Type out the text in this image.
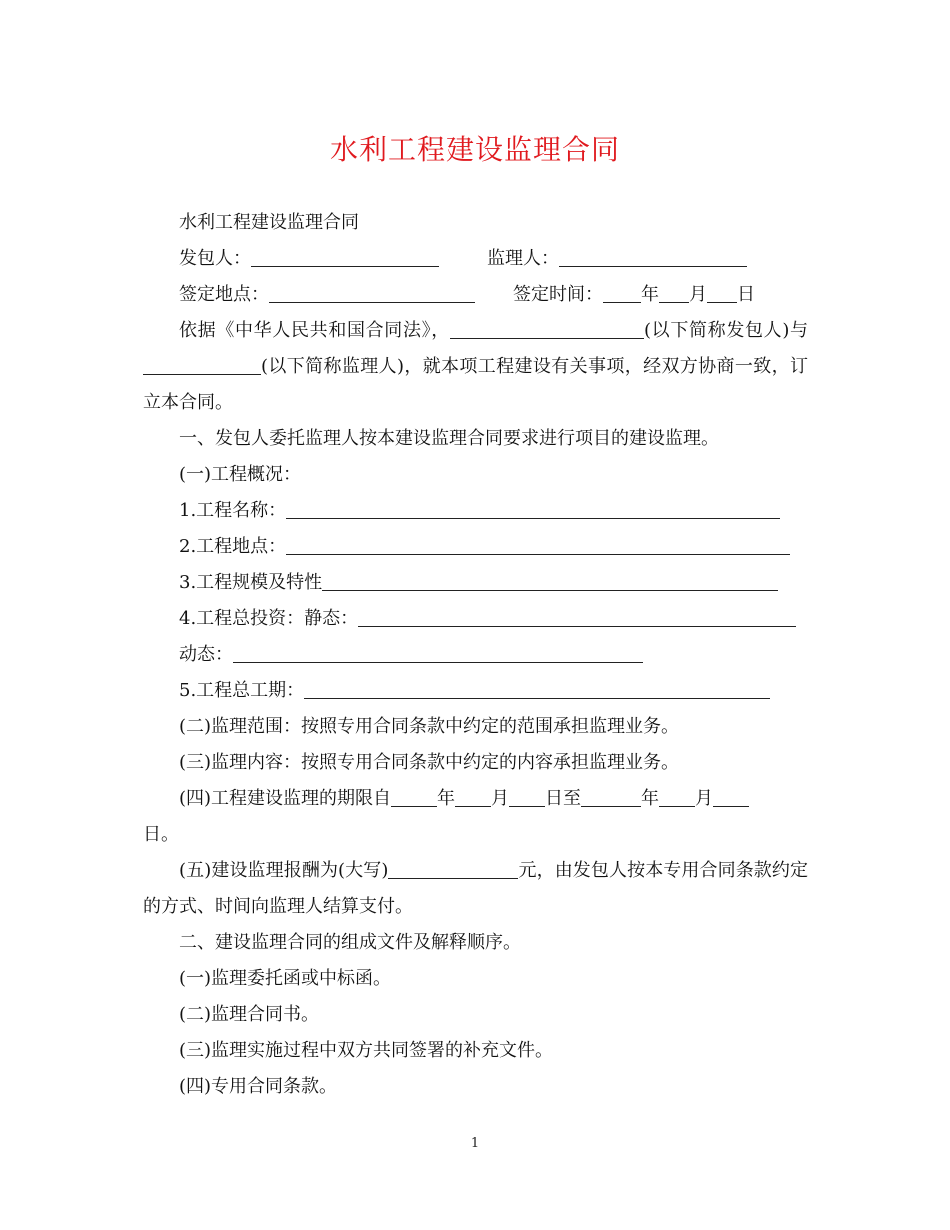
水利工程建设监理合同

水利工程建设监理合同

发包人：	监理人：

签定地点：	签定时间： 年 月 日

依据《中华人民共和国合同法》，	(以下简称发包人)与(以下简称监理人)，就本项工程建设有关事项，经双方协商一致，订立本合同。

一、发包人委托监理人按本建设监理合同要求进行项目的建设监理。

(一)工程概况：

1.工程名称：

2.工程地点：

3.工程规模及特性

4.工程总投资：静态：

动态：

5.工程总工期：

(二)监理范围：按照专用合同条款中约定的范围承担监理业务。

(三)监理内容：按照专用合同条款中约定的内容承担监理业务。

(四)工程建设监理的期限自	年 月 日至	年 月

日。

(五)建设监理报酬为(大写)	元，由发包人按本专用合同条款约定的方式、时间向监理人结算支付。

二、建设监理合同的组成文件及解释顺序。

(一)监理委托函或中标函。

(二)监理合同书。

(三)监理实施过程中双方共同签署的补充文件。

(四)专用合同条款。

1
